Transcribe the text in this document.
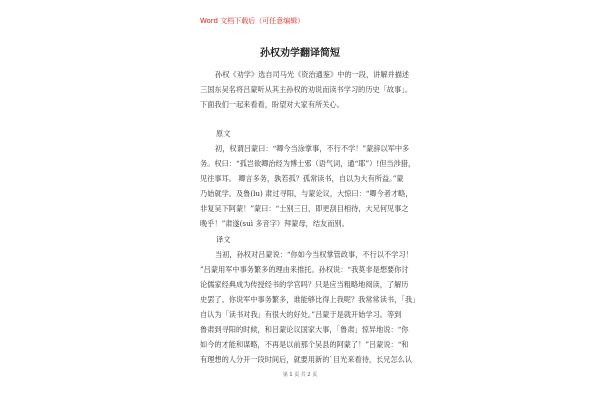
Word 文档下载后（可任意编辑）
孙权劝学翻译简短
孙权《劝学》选自司马光《资治通鉴》中的一段，讲解并描述
三国东吴名将吕蒙听从其主孙权的劝说而读书学习的历史「故事」。
下面我们一起来看看，盼望对大家有所关心。
原文
初，权谓吕蒙曰：“卿今当涂掌事，不行不学！”蒙辞以军中多
务。权曰：“孤岂欲卿治经为博士邪（语气词，通“耶”）!但当涉猎，
见往事耳。 卿言多务，孰若孤？孤常读书，自以为大有所益。”蒙
乃始就学。及鲁(lu) 肃过寻阳，与蒙论议，大惊曰：“卿今者才略，
非复吴下阿蒙！”蒙曰：“士别三日，即更刮目相待，大兄何见事之
晚乎！”肃遂(suì 多音字）拜蒙母，结友而别。
译文
当初，孙权对吕蒙说：“你如今当权掌管政事，不行以不学习！
”吕蒙用军中事务繁多的理由来推托。孙权说：“我莫非是想要你讨
论儒家经典成为传授经书的学官吗？只是应当粗略地阅读，了解历
史罢了。你说军中事务繁多，谁能够比得上我呢？我常常读书，「我」
自认为「读书对我」有很大的好处。”吕蒙于是就开始学习。等到
鲁肃到寻阳的时候，和吕蒙论议国家大事，「鲁肃」惊异地说：“你
如今的才能和谋略，不再是以前那个吴县的阿蒙了！”吕蒙说：“和
有理想的人分开一段时间后，就要用新的`目光来看待，长兄怎么认
第 1 页 共 2 页
